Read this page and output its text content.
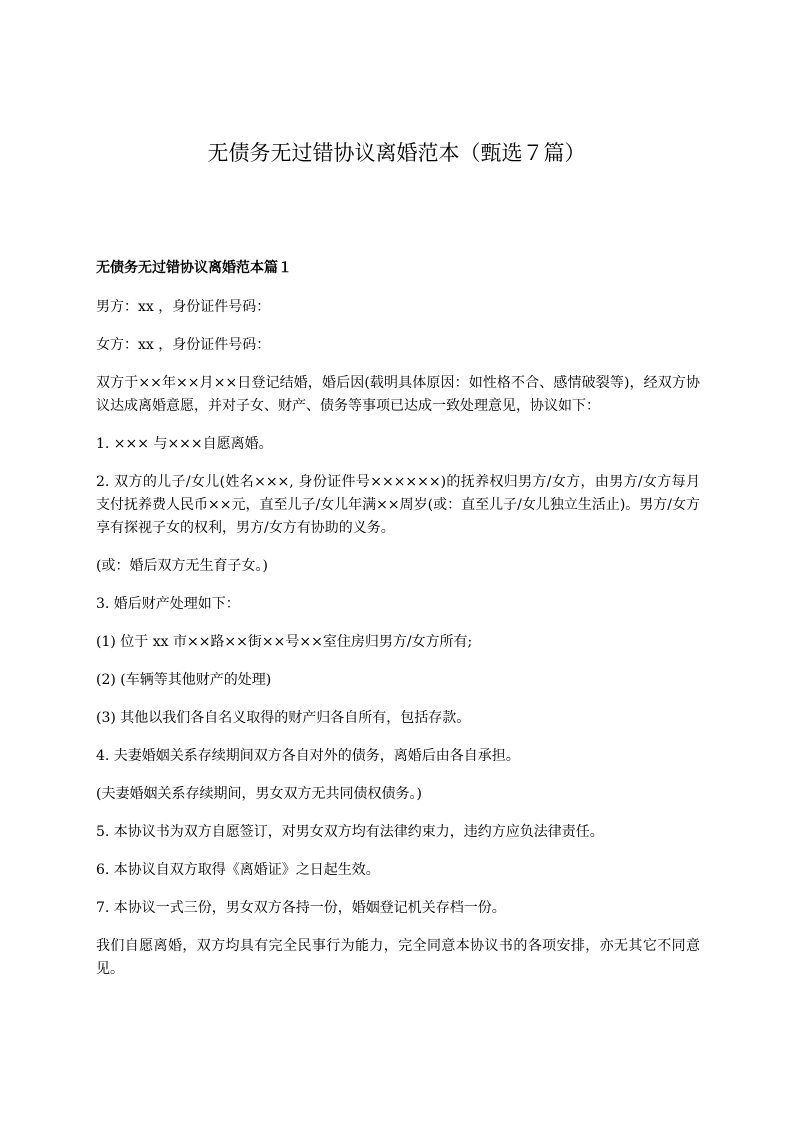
无债务无过错协议离婚范本（甄选７篇）
无债务无过错协议离婚范本篇１

男方：xx ，身份证件号码：

女方：xx ，身份证件号码：

双方于××年××月××日登记结婚，婚后因(载明具体原因：如性格不合、感情破裂等)，经双方协议达成离婚意愿，并对子女、财产、债务等事项已达成一致处理意见，协议如下：

1. ××× 与×××自愿离婚。

2. 双方的儿子/女儿(姓名×××, 身份证件号××××××)的抚养权归男方/女方，由男方/女方每月支付抚养费人民币××元，直至儿子/女儿年满××周岁(或：直至儿子/女儿独立生活止)。男方/女方享有探视子女的权利，男方/女方有协助的义务。

(或：婚后双方无生育子女。)

3. 婚后财产处理如下：

(1) 位于 xx 市××路××街××号××室住房归男方/女方所有;

(2) (车辆等其他财产的处理)

(3) 其他以我们各自名义取得的财产归各自所有，包括存款。

4. 夫妻婚姻关系存续期间双方各自对外的债务，离婚后由各自承担。

(夫妻婚姻关系存续期间，男女双方无共同债权债务。)

5. 本协议书为双方自愿签订，对男女双方均有法律约束力，违约方应负法律责任。

6. 本协议自双方取得《离婚证》之日起生效。

7. 本协议一式三份，男女双方各持一份，婚姻登记机关存档一份。

我们自愿离婚，双方均具有完全民事行为能力，完全同意本协议书的各项安排，亦无其它不同意见。
